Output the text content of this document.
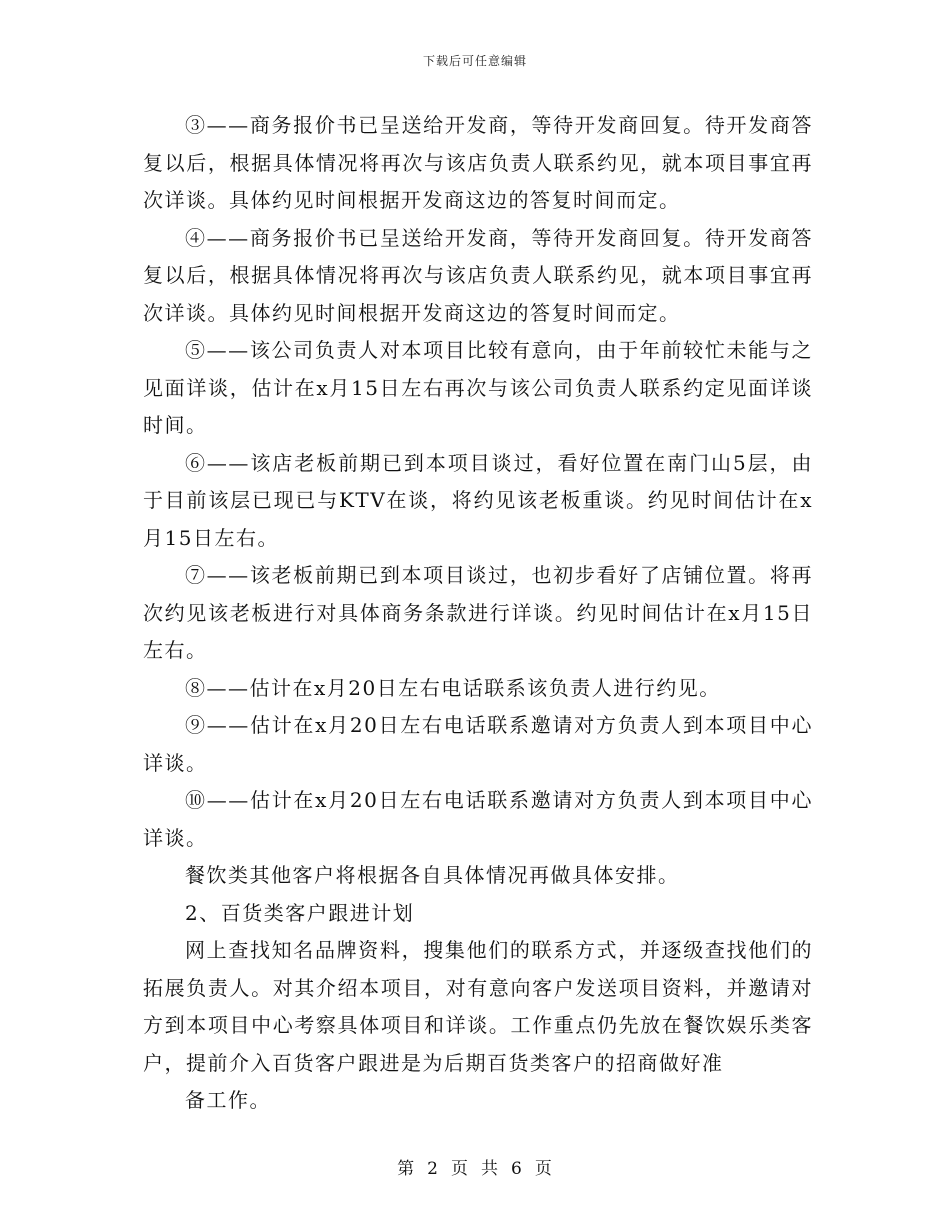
下载后可任意编辑

③——商务报价书已呈送给开发商，等待开发商回复。待开发商答复以后，根据具体情况将再次与该店负责人联系约见，就本项目事宜再次详谈。具体约见时间根据开发商这边的答复时间而定。

④——商务报价书已呈送给开发商，等待开发商回复。待开发商答复以后，根据具体情况将再次与该店负责人联系约见，就本项目事宜再次详谈。具体约见时间根据开发商这边的答复时间而定。

⑤——该公司负责人对本项目比较有意向，由于年前较忙未能与之见面详谈，估计在x月15日左右再次与该公司负责人联系约定见面详谈时间。

⑥——该店老板前期已到本项目谈过，看好位置在南门山5层，由于目前该层已现已与KTV在谈，将约见该老板重谈。约见时间估计在x月15日左右。

⑦——该老板前期已到本项目谈过，也初步看好了店铺位置。将再次约见该老板进行对具体商务条款进行详谈。约见时间估计在x月15日左右。

⑧——估计在x月20日左右电话联系该负责人进行约见。

⑨——估计在x月20日左右电话联系邀请对方负责人到本项目中心详谈。

⑩——估计在x月20日左右电话联系邀请对方负责人到本项目中心详谈。

餐饮类其他客户将根据各自具体情况再做具体安排。

2、百货类客户跟进计划

网上查找知名品牌资料，搜集他们的联系方式，并逐级查找他们的拓展负责人。对其介绍本项目，对有意向客户发送项目资料，并邀请对方到本项目中心考察具体项目和详谈。工作重点仍先放在餐饮娱乐类客户，提前介入百货客户跟进是为后期百货类客户的招商做好准

备工作。

第 2 页 共 6 页
